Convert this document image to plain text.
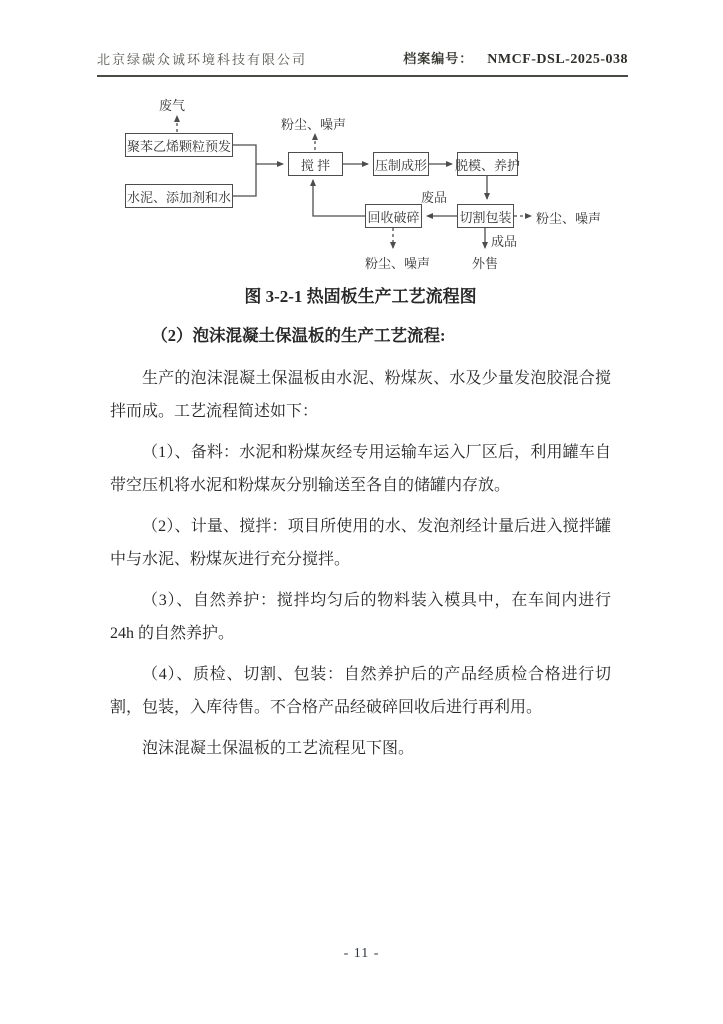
北京绿碳众诚环境科技有限公司	档案编号： NMCF-DSL-2025-038
聚苯乙烯颗粒预发
水泥、添加剂和水
搅 拌	压制成形 脱模、养护
回收破碎	切割包装
废气
粉尘、噪声
废品
粉尘、噪声
成品
外售
粉尘、噪声

图 3-2-1 热固板生产工艺流程图

（2）泡沫混凝土保温板的生产工艺流程:

生产的泡沫混凝土保温板由水泥、粉煤灰、水及少量发泡胶混合搅拌而成。工艺流程简述如下：

（1）、备料：水泥和粉煤灰经专用运输车运入厂区后，利用罐车自带空压机将水泥和粉煤灰分别输送至各自的储罐内存放。

（2）、计量、搅拌：项目所使用的水、发泡剂经计量后进入搅拌罐中与水泥、粉煤灰进行充分搅拌。

（3）、自然养护：搅拌均匀后的物料装入模具中，在车间内进行 24h 的自然养护。

（4）、质检、切割、包装：自然养护后的产品经质检合格进行切割，包装，入库待售。不合格产品经破碎回收后进行再利用。

泡沫混凝土保温板的工艺流程见下图。

- 11 -
